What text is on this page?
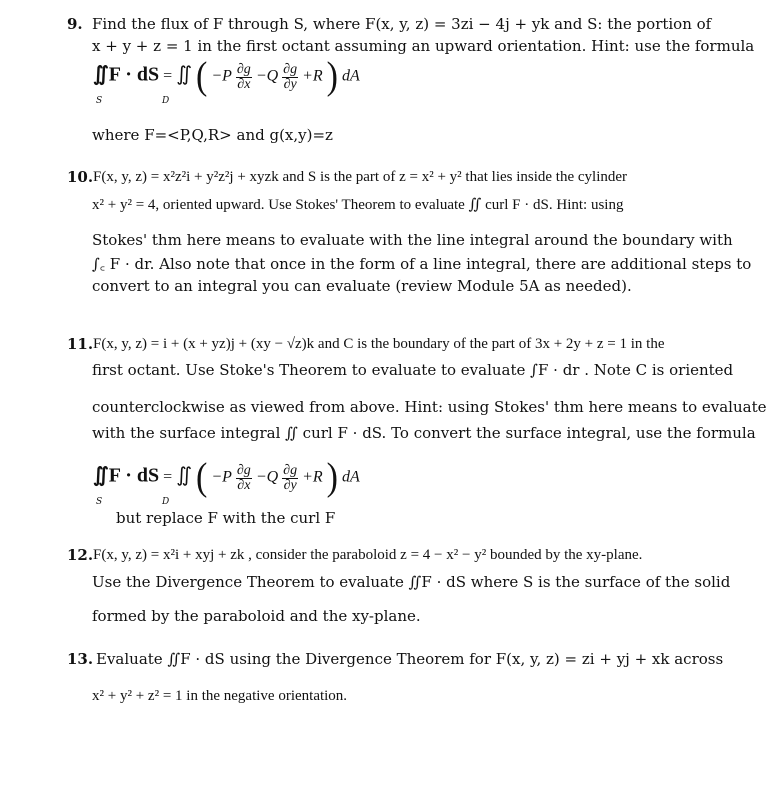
9. Find the flux of F through S, where F(x, y, z) = 3zi − 4j + yk and S: the portion of
x + y + z = 1 in the first octant assuming an upward orientation. Hint: use the formula
∬F · dS = ∬ ( $-P \frac{\partial g}{\partial x} -Q \frac{\partial g}{\partial y} +R$ ) dA
S	D
where F=<P,Q,R> and g(x,y)=z
10. F(x, y, z) = x²z²i + y²z²j + xyzk and S is the part of z = x² + y² that lies inside the cylinder
x² + y² = 4, oriented upward. Use Stokes' Theorem to evaluate ∬ curl F · dS. Hint: using
Stokes' thm here means to evaluate with the line integral around the boundary with
∫꜀ F · dr. Also note that once in the form of a line integral, there are additional steps to
convert to an integral you can evaluate (review Module 5A as needed).
11. F(x, y, z) = i + (x + yz)j + (xy − √z)k and C is the boundary of the part of 3x + 2y + z = 1 in the
first octant. Use Stoke's Theorem to evaluate to evaluate ∫F · dr . Note C is oriented
counterclockwise as viewed from above. Hint: using Stokes' thm here means to evaluate
with the surface integral ∬ curl F · dS. To convert the surface integral, use the formula
∬F · dS = ∬ ( $-P \frac{\partial g}{\partial x} -Q \frac{\partial g}{\partial y} +R$ ) dA
S	D
but replace F with the curl F
12. F(x, y, z) = x²i + xyj + zk , consider the paraboloid z = 4 − x² − y² bounded by the xy-plane.
Use the Divergence Theorem to evaluate ∬F · dS where S is the surface of the solid
formed by the paraboloid and the xy-plane.
13. Evaluate ∬F · dS using the Divergence Theorem for F(x, y, z) = zi + yj + xk across
x² + y² + z² = 1 in the negative orientation.
